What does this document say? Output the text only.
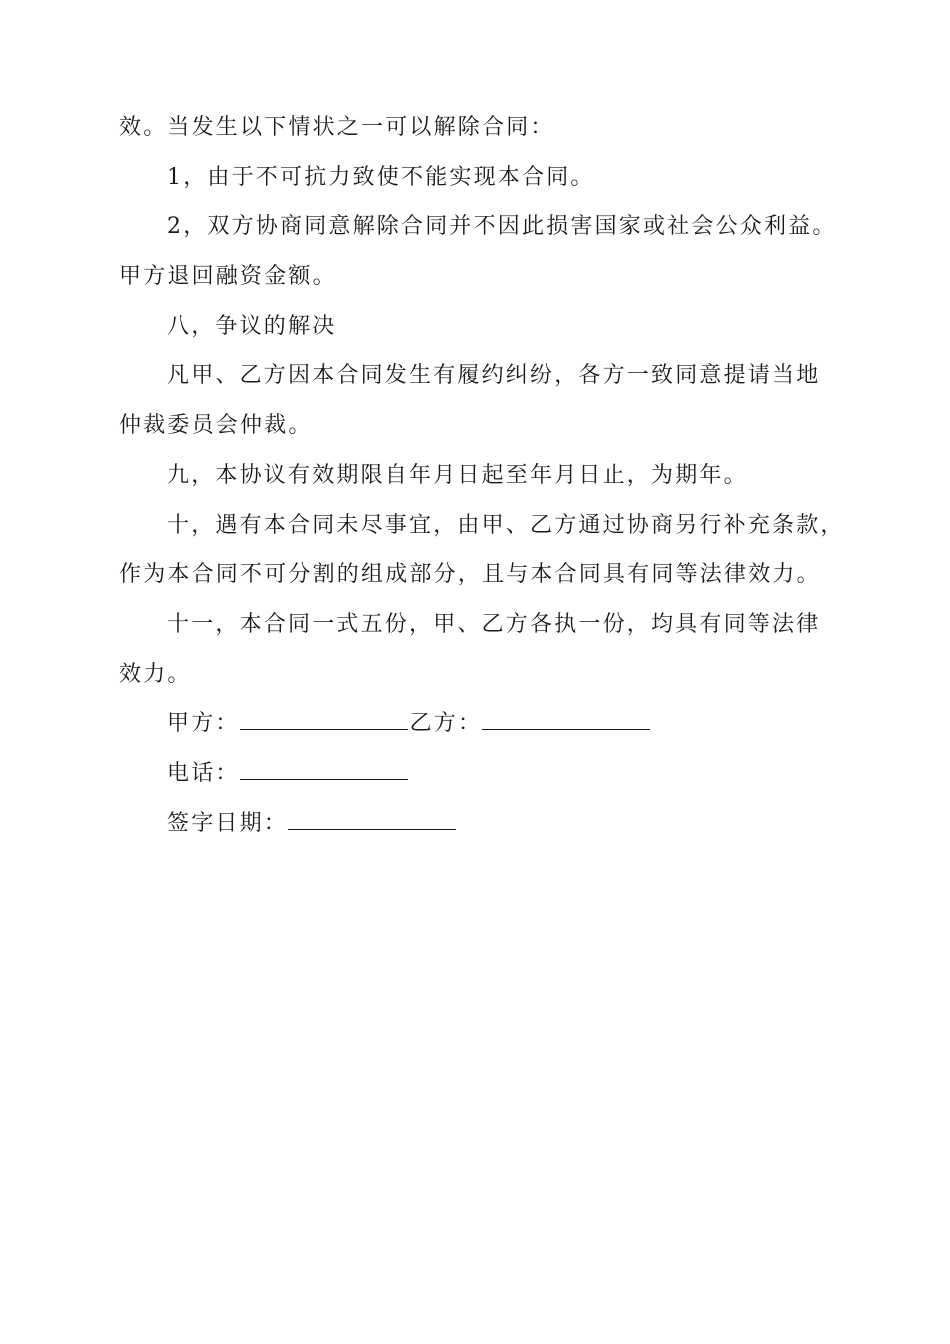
效。当发生以下情状之一可以解除合同：
1，由于不可抗力致使不能实现本合同。
2，双方协商同意解除合同并不因此损害国家或社会公众利益。
甲方退回融资金额。
八，争议的解决
凡甲、乙方因本合同发生有履约纠纷，各方一致同意提请当地
仲裁委员会仲裁。
九，本协议有效期限自年月日起至年月日止，为期年。
十，遇有本合同未尽事宜，由甲、乙方通过协商另行补充条款，
作为本合同不可分割的组成部分，且与本合同具有同等法律效力。
十一，本合同一式五份，甲、乙方各执一份，均具有同等法律
效力。
甲方：	乙方：
电话：
签字日期：
